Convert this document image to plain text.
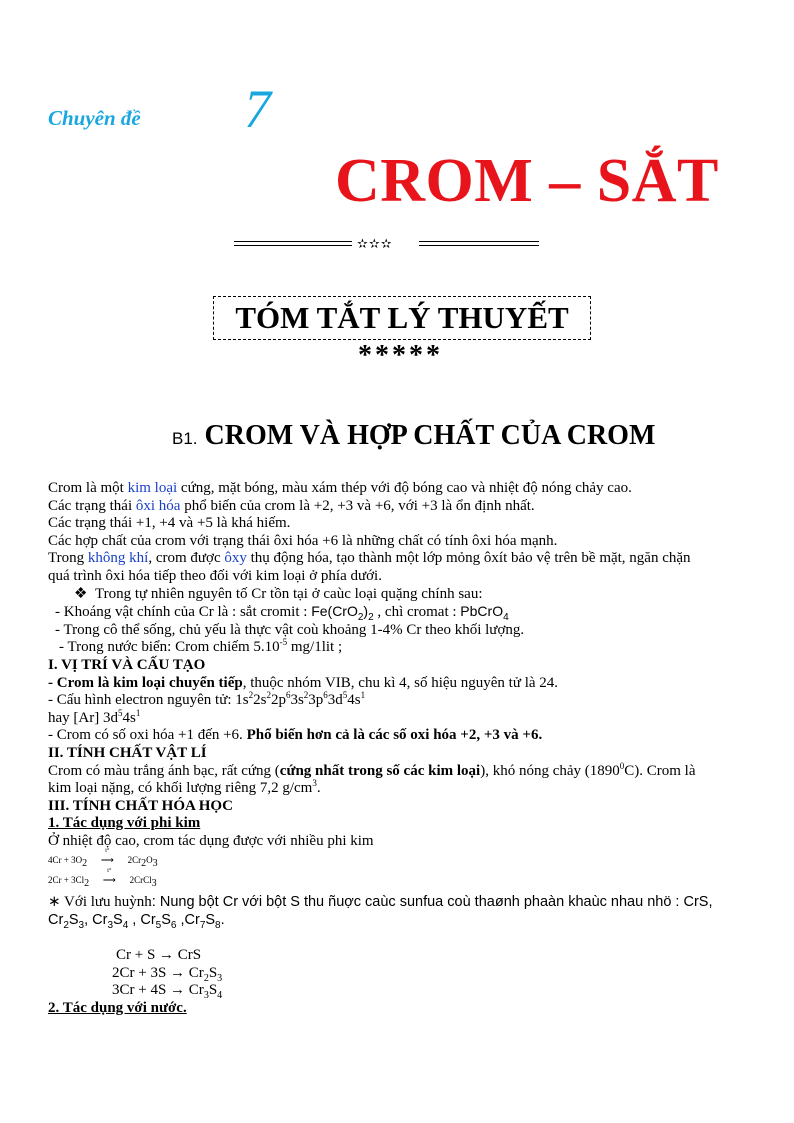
Chuyên đề 7
CROM – SẮT
✫✫✫
TÓM TẮT LÝ THUYẾT
*****
B1. CROM VÀ HỢP CHẤT CỦA CROM

Crom là một kim loại cứng, mặt bóng, màu xám thép với độ bóng cao và nhiệt độ nóng chảy cao.

Các trạng thái ôxi hóa phổ biến của crom là +2, +3 và +6, với +3 là ổn định nhất.

Các trạng thái +1, +4 và +5 là khá hiếm.

Các hợp chất của crom với trạng thái ôxi hóa +6 là những chất có tính ôxi hóa mạnh.

Trong không khí, crom được ôxy thụ động hóa, tạo thành một lớp mỏng ôxít bảo vệ trên bề mặt, ngăn chặn

quá trình ôxi hóa tiếp theo đối với kim loại ở phía dưới.

❖ Trong tự nhiên nguyên tố Cr tồn tại ở caùc loại quặng chính sau:

- Khoáng vật chính của Cr là : sắt cromit : $Fe(CrO_2)_2$ , chì cromat : PbCrO$_4$

- Trong cô thể sống, chủ yếu là thực vật coù khoảng 1-4% Cr theo khối lượng.

- Trong nước biển: Crom chiếm $5.10^{-5}$ mg/1lit ;

I. VỊ TRÍ VÀ CẤU TẠO

- Crom là kim loại chuyển tiếp, thuộc nhóm VIB, chu kì 4, số hiệu nguyên tử là 24.

- Cấu hình electron nguyên tử: $1s^22s^22p^63s^23p^63d^54s^1$

hay [Ar] $3d^54s^1$

- Crom có số oxi hóa +1 đến +6. Phổ biến hơn cả là các số oxi hóa +2, +3 và +6.

II. TÍNH CHẤT VẬT LÍ

Crom có màu trắng ánh bạc, rất cứng (cứng nhất trong số các kim loại), khó nóng chảy (1890$^0$C). Crom là

kim loại nặng, có khối lượng riêng 7,2 $g/cm^3$.

III. TÍNH CHẤT HÓA HỌC

1. Tác dụng với phi kim

Ở nhiệt độ cao, crom tác dụng được với nhiều phi kim

$4Cr + 3O_2$
t°
⟶ $2Cr_2O_3$

$2Cr + 3Cl_2$
t°
⟶ 2CrCl$_3$

∗ Với lưu huỳnh: Nung bột Cr với bột S thu ñuợc caùc sunfua coù thaønh phaàn khaùc nhau nhö : CrS,

$Cr_2S_3$, $Cr_3S_4$ , $Cr_5S_6$ $,Cr_7S_8$.

Cr + S → CrS

$2Cr + 3S \to Cr_2S_3$

$3Cr + 4S \to Cr_3S_4$

2. Tác dụng với nước.
